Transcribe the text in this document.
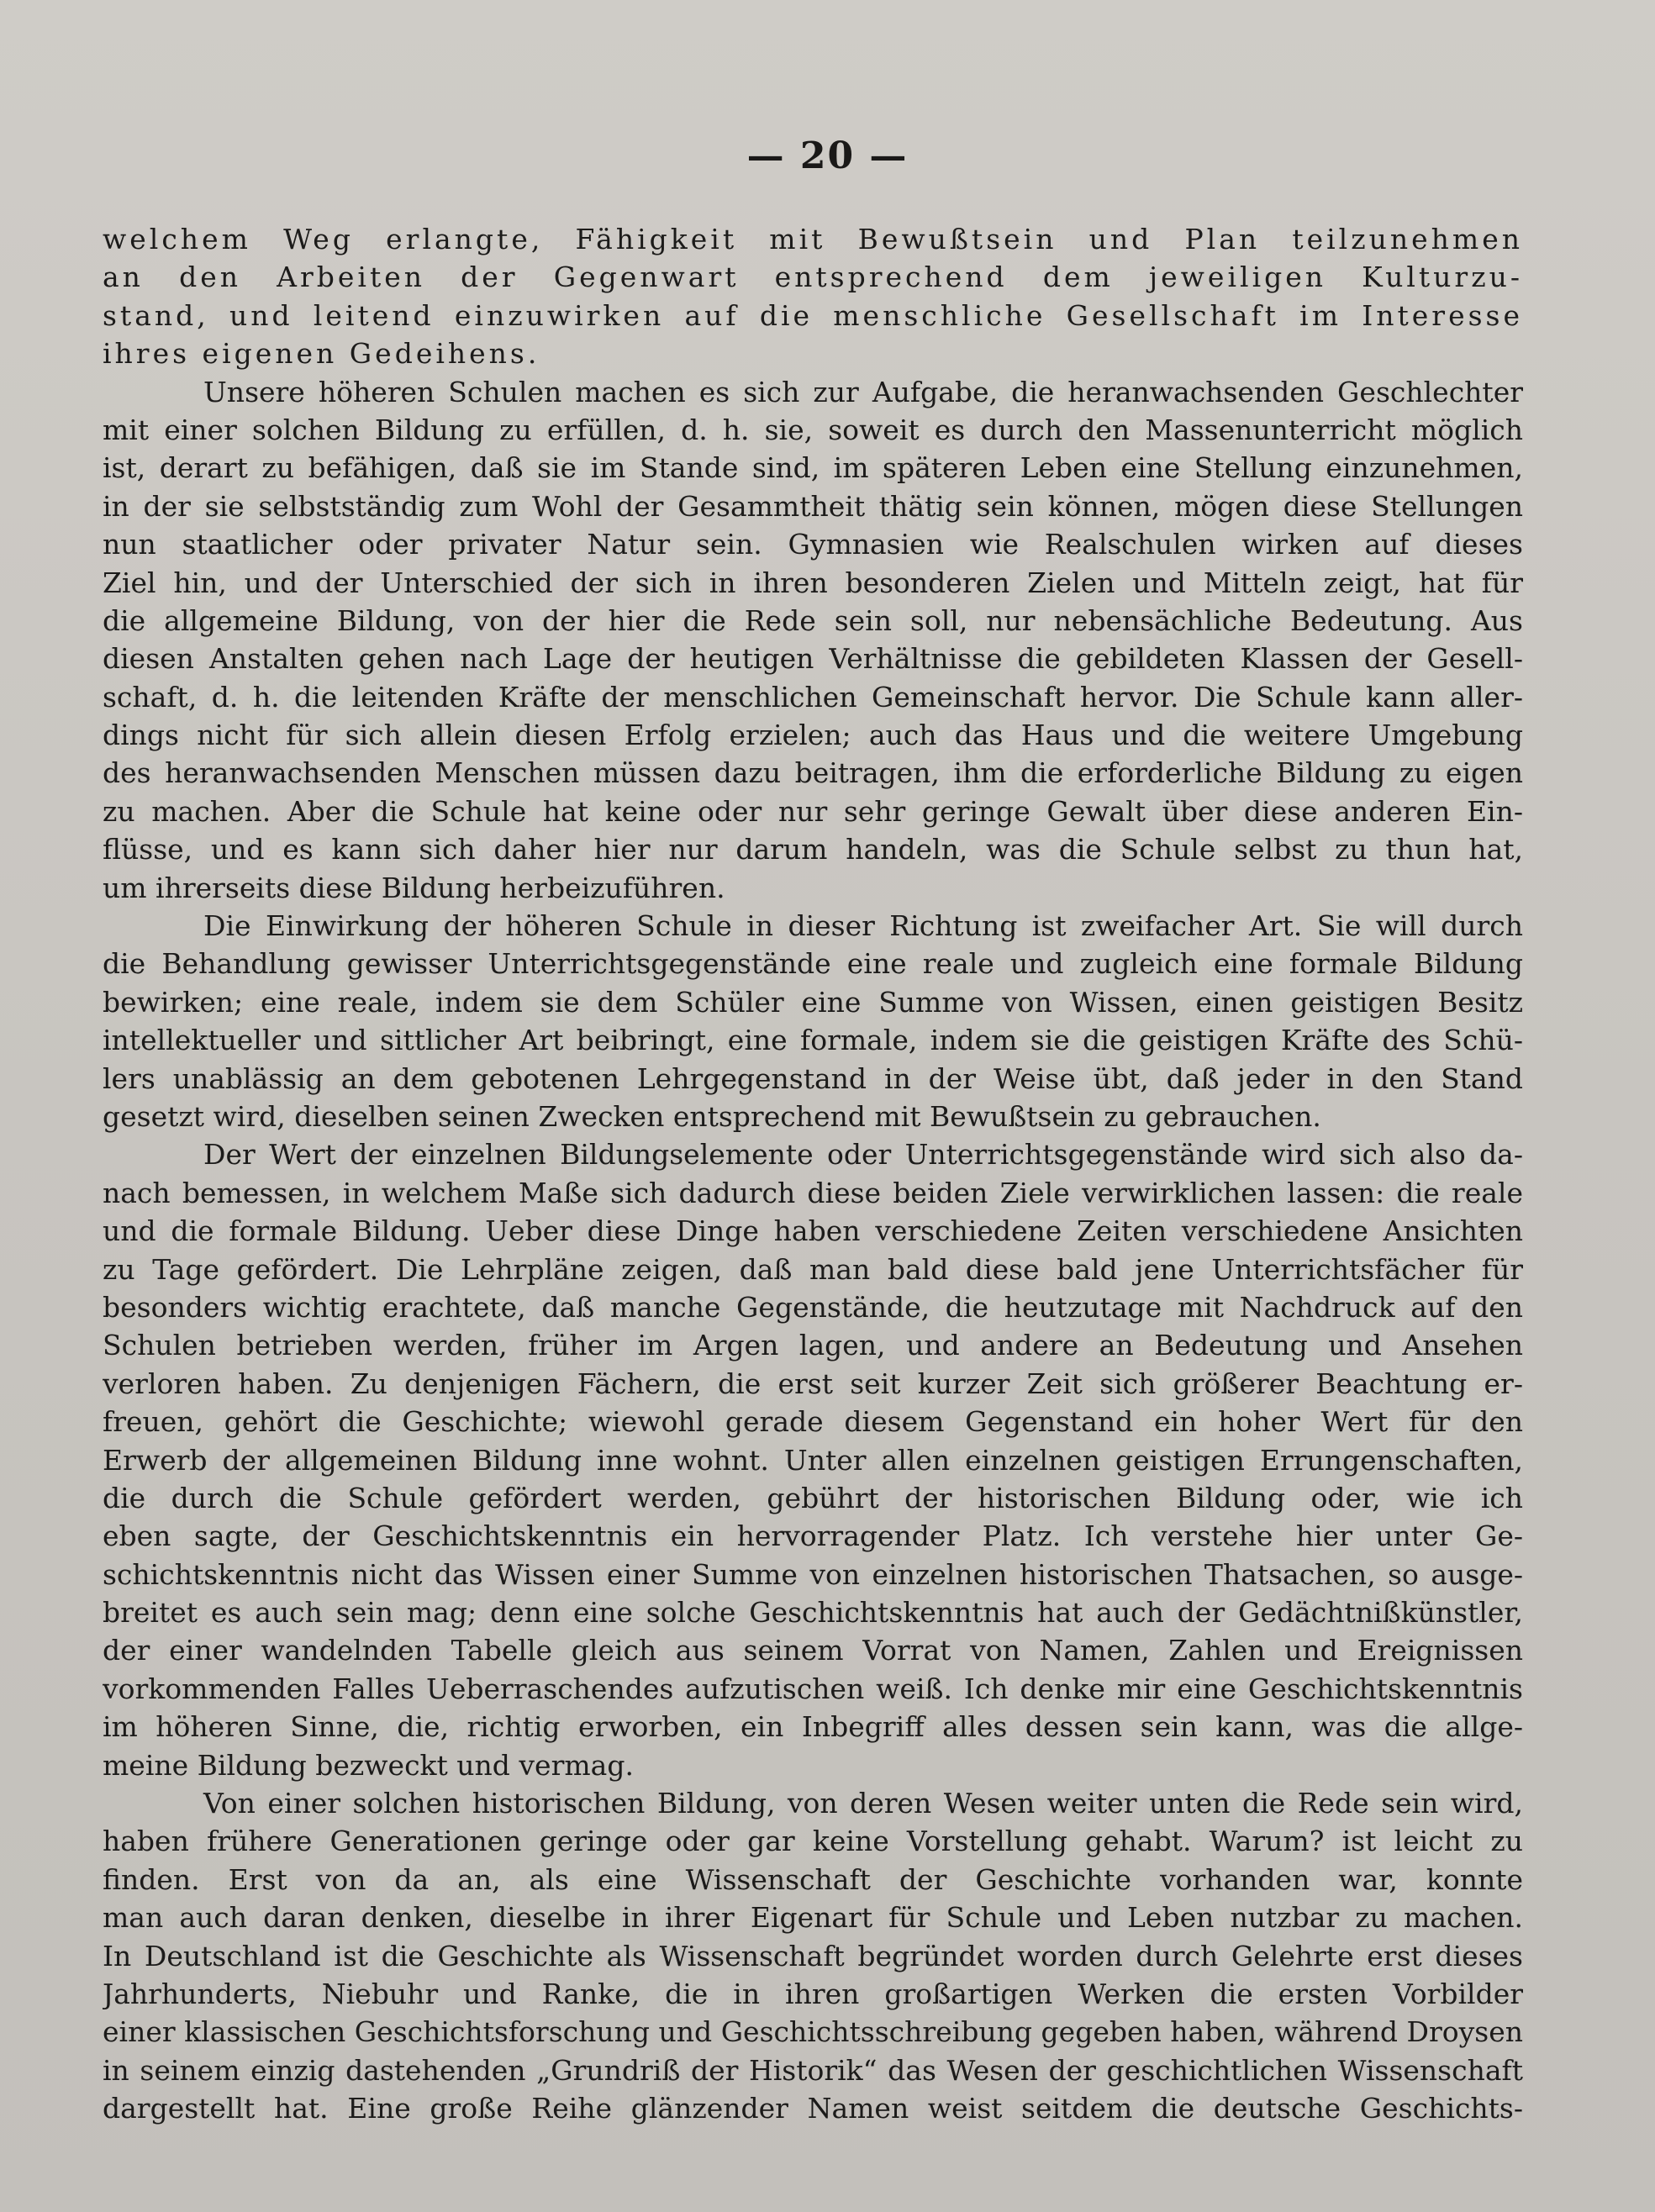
— 20 —
welchem Weg erlangte, Fähigkeit mit Bewußtsein und Plan teilzunehmen
an den Arbeiten der Gegenwart entsprechend dem jeweiligen Kulturzu-
stand, und leitend einzuwirken auf die menschliche Gesellschaft im Interesse
ihres eigenen Gedeihens.
Unsere höheren Schulen machen es sich zur Aufgabe, die heranwachsenden Geschlechter
mit einer solchen Bildung zu erfüllen, d. h. sie, soweit es durch den Massenunterricht möglich
ist, derart zu befähigen, daß sie im Stande sind, im späteren Leben eine Stellung einzunehmen,
in der sie selbstständig zum Wohl der Gesammtheit thätig sein können, mögen diese Stellungen
nun staatlicher oder privater Natur sein. Gymnasien wie Realschulen wirken auf dieses
Ziel hin, und der Unterschied der sich in ihren besonderen Zielen und Mitteln zeigt, hat für
die allgemeine Bildung, von der hier die Rede sein soll, nur nebensächliche Bedeutung. Aus
diesen Anstalten gehen nach Lage der heutigen Verhältnisse die gebildeten Klassen der Gesell-
schaft, d. h. die leitenden Kräfte der menschlichen Gemeinschaft hervor. Die Schule kann aller-
dings nicht für sich allein diesen Erfolg erzielen; auch das Haus und die weitere Umgebung
des heranwachsenden Menschen müssen dazu beitragen, ihm die erforderliche Bildung zu eigen
zu machen. Aber die Schule hat keine oder nur sehr geringe Gewalt über diese anderen Ein-
flüsse, und es kann sich daher hier nur darum handeln, was die Schule selbst zu thun hat,
um ihrerseits diese Bildung herbeizuführen.
Die Einwirkung der höheren Schule in dieser Richtung ist zweifacher Art. Sie will durch
die Behandlung gewisser Unterrichtsgegenstände eine reale und zugleich eine formale Bildung
bewirken; eine reale, indem sie dem Schüler eine Summe von Wissen, einen geistigen Besitz
intellektueller und sittlicher Art beibringt, eine formale, indem sie die geistigen Kräfte des Schü-
lers unablässig an dem gebotenen Lehrgegenstand in der Weise übt, daß jeder in den Stand
gesetzt wird, dieselben seinen Zwecken entsprechend mit Bewußtsein zu gebrauchen.
Der Wert der einzelnen Bildungselemente oder Unterrichtsgegenstände wird sich also da-
nach bemessen, in welchem Maße sich dadurch diese beiden Ziele verwirklichen lassen: die reale
und die formale Bildung. Ueber diese Dinge haben verschiedene Zeiten verschiedene Ansichten
zu Tage gefördert. Die Lehrpläne zeigen, daß man bald diese bald jene Unterrichtsfächer für
besonders wichtig erachtete, daß manche Gegenstände, die heutzutage mit Nachdruck auf den
Schulen betrieben werden, früher im Argen lagen, und andere an Bedeutung und Ansehen
verloren haben. Zu denjenigen Fächern, die erst seit kurzer Zeit sich größerer Beachtung er-
freuen, gehört die Geschichte; wiewohl gerade diesem Gegenstand ein hoher Wert für den
Erwerb der allgemeinen Bildung inne wohnt. Unter allen einzelnen geistigen Errungenschaften,
die durch die Schule gefördert werden, gebührt der historischen Bildung oder, wie ich
eben sagte, der Geschichtskenntnis ein hervorragender Platz. Ich verstehe hier unter Ge-
schichtskenntnis nicht das Wissen einer Summe von einzelnen historischen Thatsachen, so ausge-
breitet es auch sein mag; denn eine solche Geschichtskenntnis hat auch der Gedächtnißkünstler,
der einer wandelnden Tabelle gleich aus seinem Vorrat von Namen, Zahlen und Ereignissen
vorkommenden Falles Ueberraschendes aufzutischen weiß. Ich denke mir eine Geschichtskenntnis
im höheren Sinne, die, richtig erworben, ein Inbegriff alles dessen sein kann, was die allge-
meine Bildung bezweckt und vermag.
Von einer solchen historischen Bildung, von deren Wesen weiter unten die Rede sein wird,
haben frühere Generationen geringe oder gar keine Vorstellung gehabt. Warum? ist leicht zu
finden. Erst von da an, als eine Wissenschaft der Geschichte vorhanden war, konnte
man auch daran denken, dieselbe in ihrer Eigenart für Schule und Leben nutzbar zu machen.
In Deutschland ist die Geschichte als Wissenschaft begründet worden durch Gelehrte erst dieses
Jahrhunderts, Niebuhr und Ranke, die in ihren großartigen Werken die ersten Vorbilder
einer klassischen Geschichtsforschung und Geschichtsschreibung gegeben haben, während Droysen
in seinem einzig dastehenden „Grundriß der Historik“ das Wesen der geschichtlichen Wissenschaft
dargestellt hat. Eine große Reihe glänzender Namen weist seitdem die deutsche Geschichts-
